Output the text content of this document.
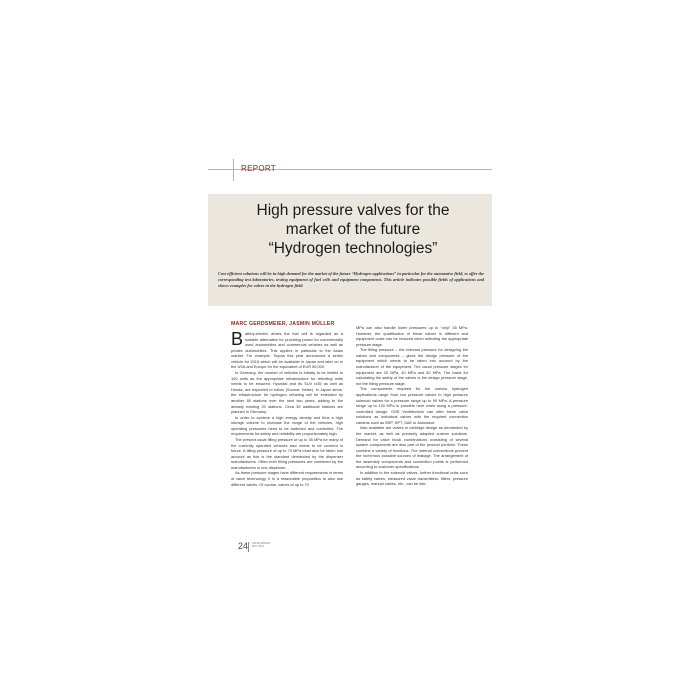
REPORT
High pressure valves for the
market of the future
“Hydrogen technologies”
Cost-efficient solutions will be in high demand for the market of the future “Hydrogen applications” in particular for the automotive field, to offer the corresponding test laboratories, testing equipment of fuel cells and equipment components. This article indicates possible fields of applications and shows examples for valves in the hydrogen field.
MARC GERDSMEIER, JASMIN MÜLLER

Battery-electric drives the fuel cell is regarded as a suitable alternative for providing power for commercially used automobiles and commercial vehicles as well as private automobiles. This applies in particular to the Asian market. For example, Toyota this year announced a series vehicle for 2015 which will be available in Japan and later on in the USA and Europe for the equivalent of EUR 50,000.

In Germany, the number of vehicles is initially to be limited to 100 units as the appropriate infrastructure for refueling units needs to be ensured. Hyundai and its SUV ix35 as well as Honda, are expected to follow (Source: Heise). In Japan alone, the infrastructure for hydrogen refueling will be extended by another 80 stations over the next two years, adding to the already existing 20 stations. Circa 35 additional stations are planned in Germany.

In order to achieve a high energy density and thus a high storage volume to increase the range of the vehicles, high operating pressures need to be switched and controlled. The requirements for safety and reliability are proportionately high.

The present usual filling pressure of up to 35 MPa for many of the currently operated vehicles also needs to be covered in future. A filling pressure of up to 70 MPa must also be taken into account as this is the standard demanded by the dispenser manufacturers. Often both filling pressures are combined by the manufacturers in one dispenser.

As these pressure stages have different requirements in terms of valve technology, it is a reasonable proposition to also use different valves. Of course, valves of up to 70

MPa can also handle lower pressures up to “only” 35 MPa. However, the qualification of these valves is different and equipment costs can be reduced when selecting the appropriate pressure stage.

The filling pressure – the relevant pressure for designing the valves and components – gives the design pressure of the equipment which needs to be taken into account by the manufacturer of the equipment. The usual pressure stages for equipment are 20 MPa, 40 MPa and 82 MPa. The basis for calculating the safety of the valves is the design pressure stage, not the filling pressure stage.

The components required for the various hydrogen applications range from low pressure valves to high pressure solenoid valves for a pressure range up to 90 MPa. A pressure range up to 120 MPa is possible here when using a pressure-controlled design. GSR Ventiltechnik can offer these valve solutions as individual valves with the required connection variants such as BSP, NPT, SAE or Autoclave.

Also available are valves in cartridge design as demanded by the market, as well as precisely adapted custom solutions. Demand for valve block combinations consisting of several system components are also part of the product portfolio. These combine a variety of functions. The internal connections prevent the numerous possible sources of leakage. The arrangement of the assembly components and connection points is performed according to customer specifications.

In addition to the solenoid valves, further functional units such as safety valves, measured value transmitters, filters, pressure gauges, manual valves, etc., can be inte-

24 VALVE WORLD
MAY 2014
